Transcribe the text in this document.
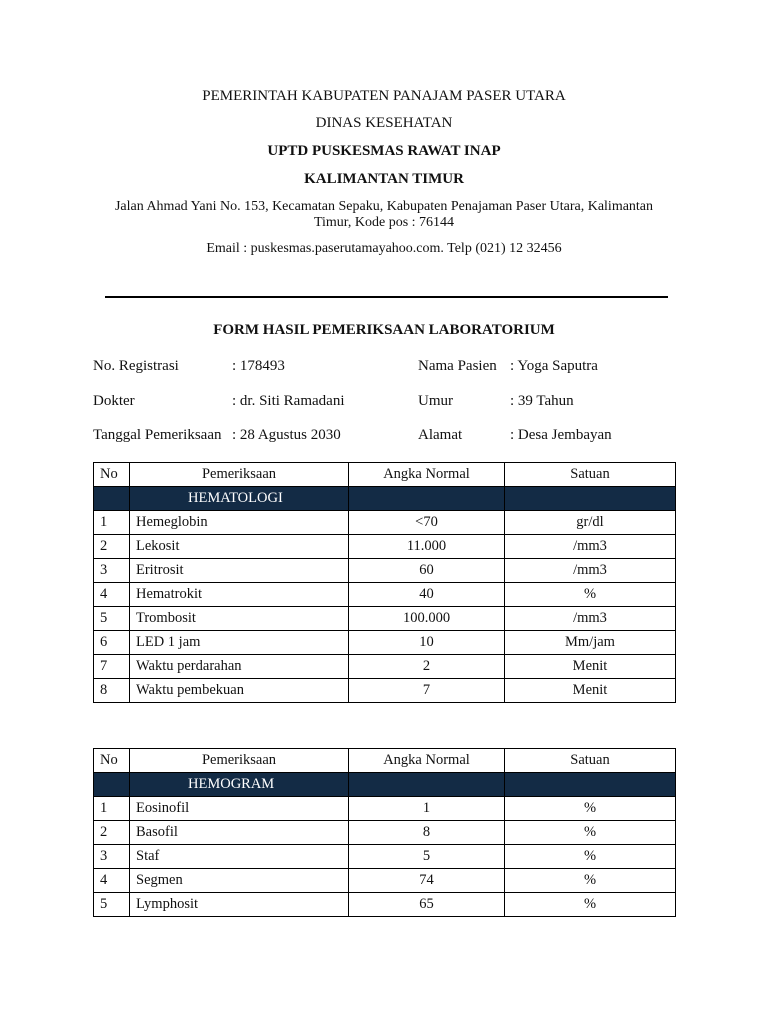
PEMERINTAH KABUPATEN PANAJAM PASER UTARA
DINAS KESEHATAN
UPTD PUSKESMAS RAWAT INAP
KALIMANTAN TIMUR
Jalan Ahmad Yani No. 153, Kecamatan Sepaku, Kabupaten Penajaman Paser Utara, Kalimantan Timur, Kode pos : 76144
Email : puskesmas.paserutamayahoo.com. Telp (021) 12 32456
FORM HASIL PEMERIKSAAN LABORATORIUM
No. Registrasi	: 178493	Nama Pasien : Yoga Saputra
Dokter	: dr. Siti Ramadani	Umur	: 39 Tahun
Tanggal Pemeriksaan : 28 Agustus 2030	Alamat	: Desa Jembayan
No	Pemeriksaan	Angka Normal	Satuan
	HEMATOLOGI		
1	Hemeglobin	<70	gr/dl
2	Lekosit	11.000	/mm3
3	Eritrosit	60	/mm3
4	Hematrokit	40	%
5	Trombosit	100.000	/mm3
6	LED 1 jam	10	Mm/jam
7	Waktu perdarahan	2	Menit
8	Waktu pembekuan	7	Menit
No	Pemeriksaan	Angka Normal	Satuan
	HEMOGRAM		
1	Eosinofil	1	%
2	Basofil	8	%
3	Staf	5	%
4	Segmen	74	%
5	Lymphosit	65	%
